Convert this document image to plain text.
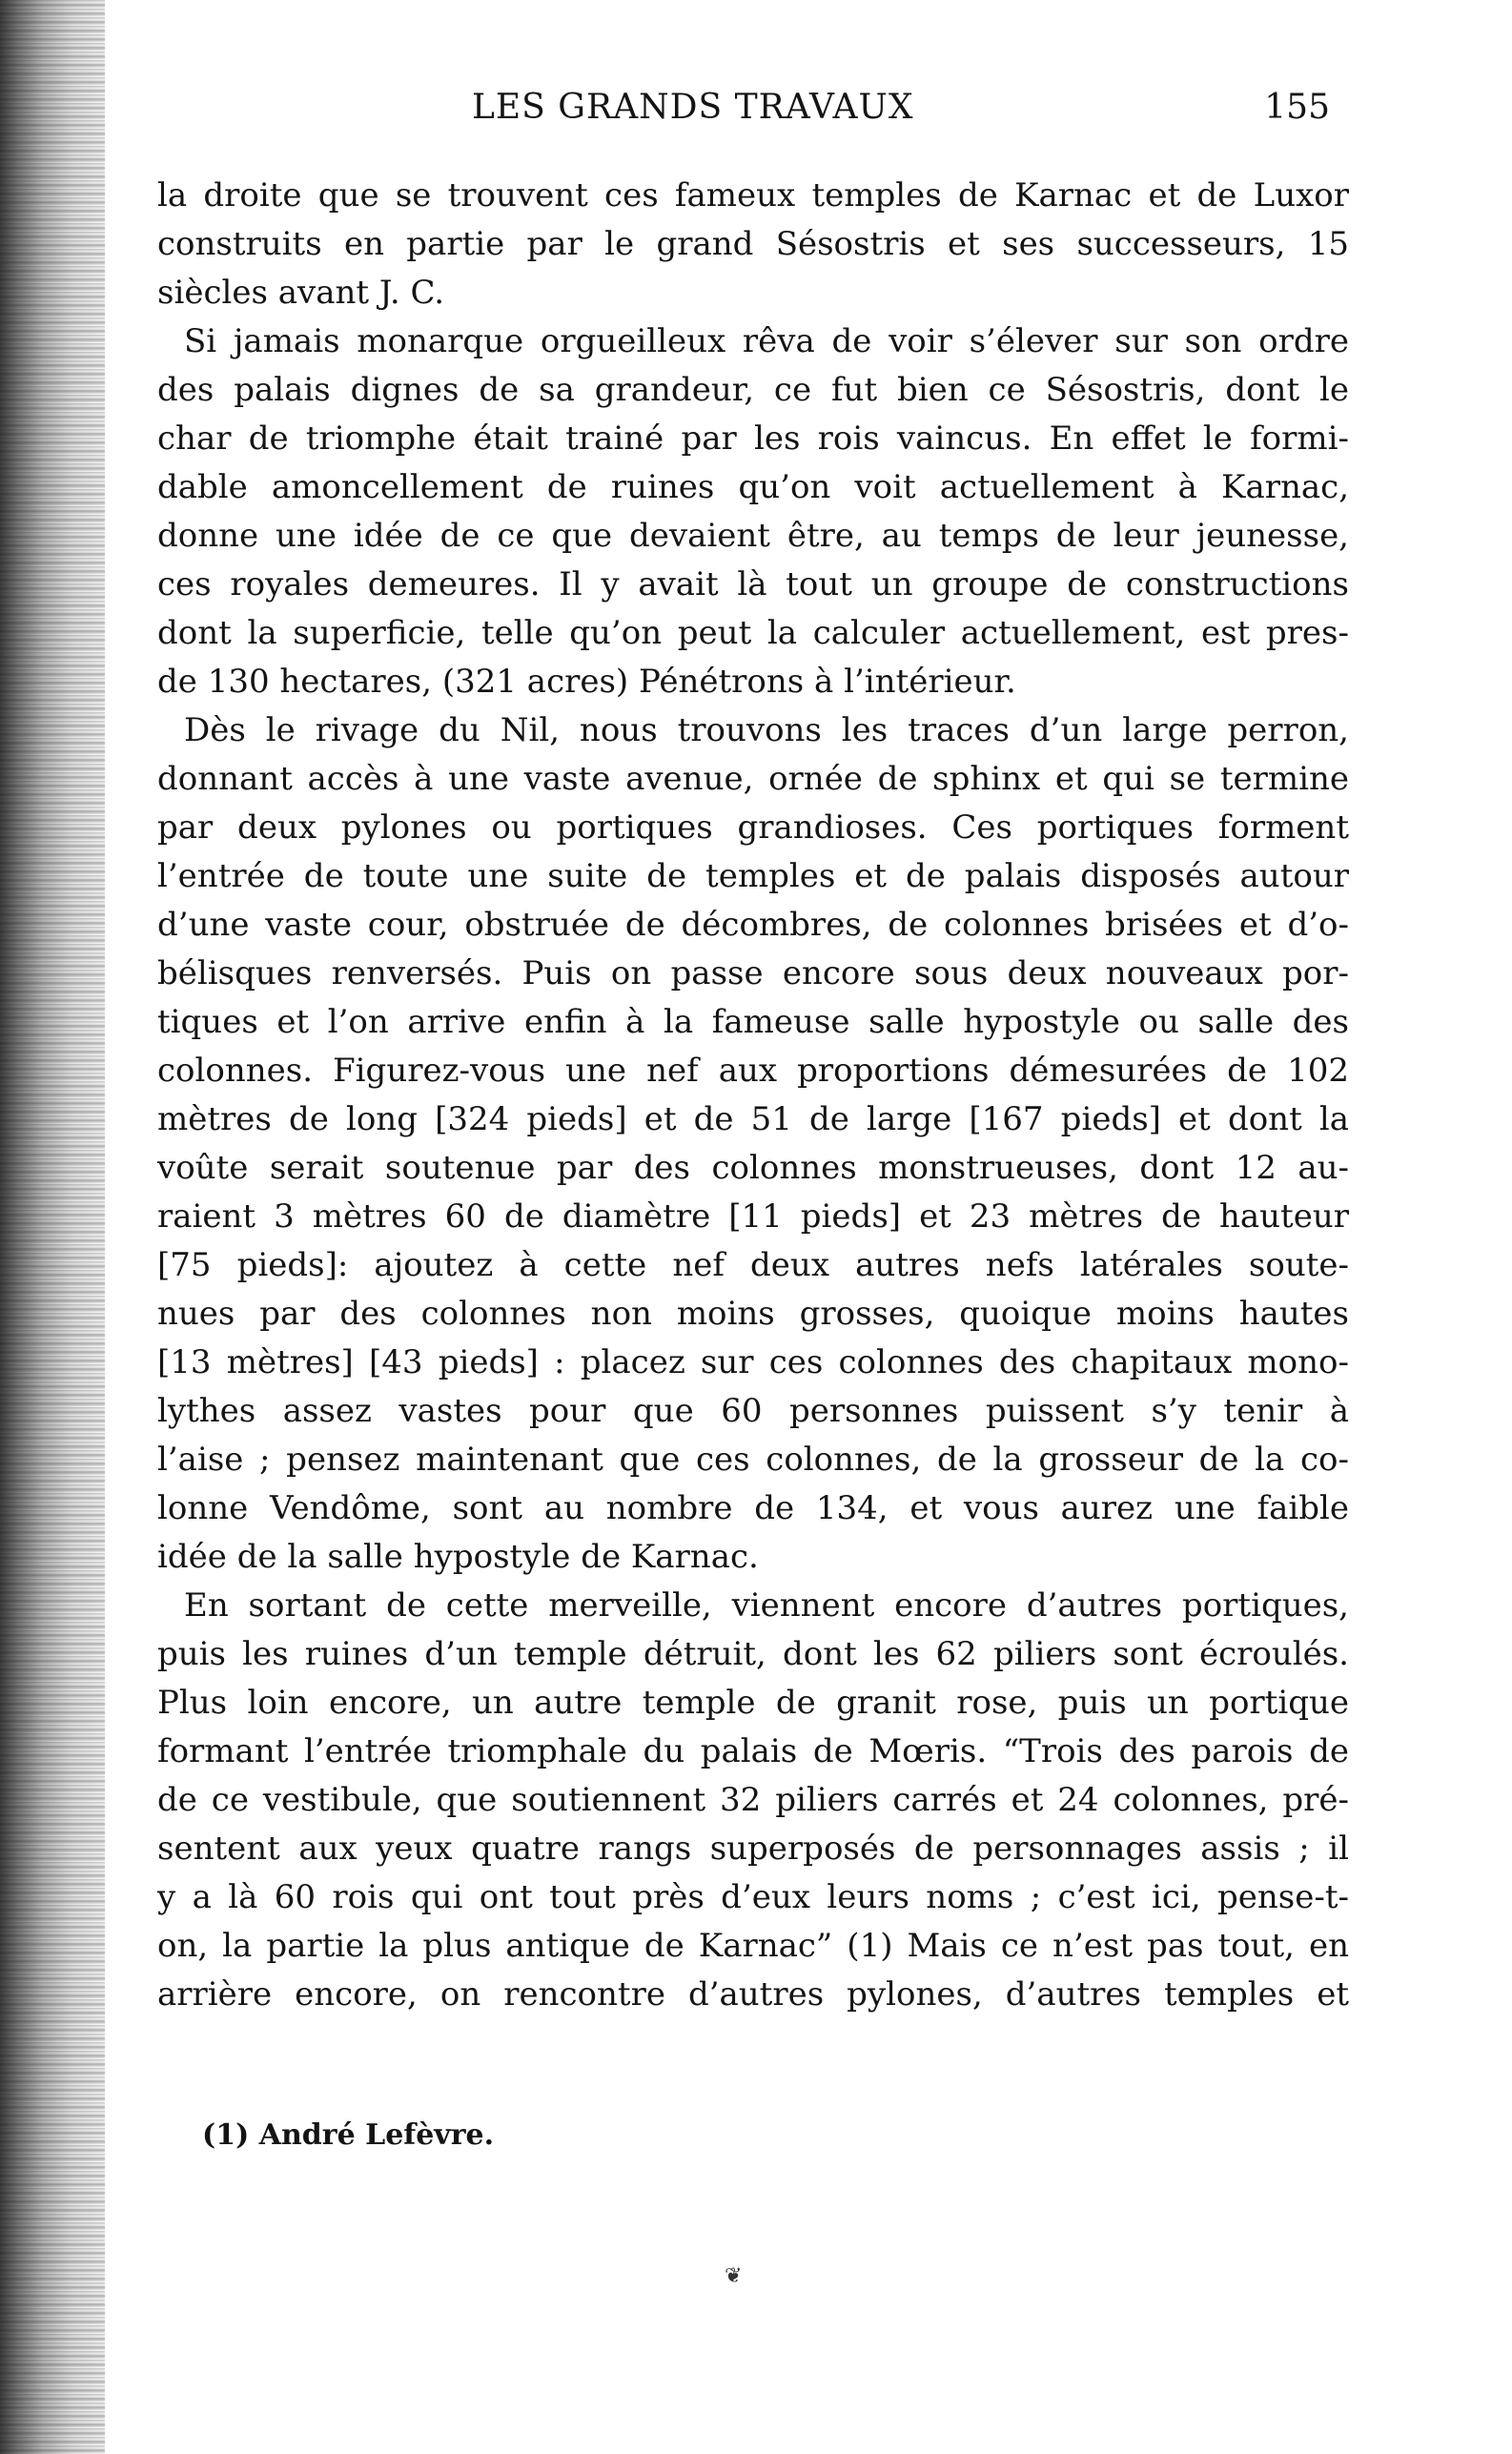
LES GRANDS TRAVAUX	155
la droite que se trouvent ces fameux temples de Karnac et de Luxor
construits en partie par le grand Sésostris et ses successeurs, 15
siècles avant J. C.
Si jamais monarque orgueilleux rêva de voir s’élever sur son ordre
des palais dignes de sa grandeur, ce fut bien ce Sésostris, dont le
char de triomphe était trainé par les rois vaincus. En effet le formi-
dable amoncellement de ruines qu’on voit actuellement à Karnac,
donne une idée de ce que devaient être, au temps de leur jeunesse,
ces royales demeures. Il y avait là tout un groupe de constructions
dont la superficie, telle qu’on peut la calculer actuellement, est pres-
de 130 hectares, (321 acres) Pénétrons à l’intérieur.
Dès le rivage du Nil, nous trouvons les traces d’un large perron,
donnant accès à une vaste avenue, ornée de sphinx et qui se termine
par deux pylones ou portiques grandioses. Ces portiques forment
l’entrée de toute une suite de temples et de palais disposés autour
d’une vaste cour, obstruée de décombres, de colonnes brisées et d’o-
bélisques renversés. Puis on passe encore sous deux nouveaux por-
tiques et l’on arrive enfin à la fameuse salle hypostyle ou salle des
colonnes. Figurez-vous une nef aux proportions démesurées de 102
mètres de long [324 pieds] et de 51 de large [167 pieds] et dont la
voûte serait soutenue par des colonnes monstrueuses, dont 12 au-
raient 3 mètres 60 de diamètre [11 pieds] et 23 mètres de hauteur
[75 pieds]: ajoutez à cette nef deux autres nefs latérales soute-
nues par des colonnes non moins grosses, quoique moins hautes
[13 mètres] [43 pieds] : placez sur ces colonnes des chapitaux mono-
lythes assez vastes pour que 60 personnes puissent s’y tenir à
l’aise ; pensez maintenant que ces colonnes, de la grosseur de la co-
lonne Vendôme, sont au nombre de 134, et vous aurez une faible
idée de la salle hypostyle de Karnac.
En sortant de cette merveille, viennent encore d’autres portiques,
puis les ruines d’un temple détruit, dont les 62 piliers sont écroulés.
Plus loin encore, un autre temple de granit rose, puis un portique
formant l’entrée triomphale du palais de Mœris. “Trois des parois de
de ce vestibule, que soutiennent 32 piliers carrés et 24 colonnes, pré-
sentent aux yeux quatre rangs superposés de personnages assis ; il
y a là 60 rois qui ont tout près d’eux leurs noms ; c’est ici, pense-t-
on, la partie la plus antique de Karnac” (1) Mais ce n’est pas tout, en
arrière encore, on rencontre d’autres pylones, d’autres temples et
(1) André Lefèvre.
❦
